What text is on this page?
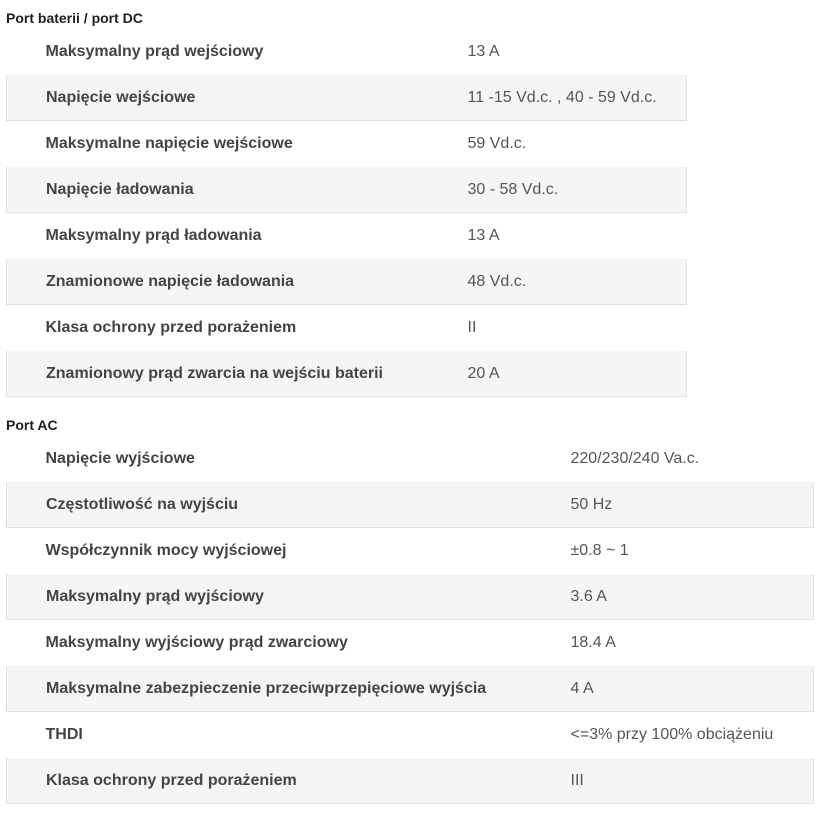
Port baterii / port DC
Maksymalny prąd wejściowy	13 A
Napięcie wejściowe	11 -15 Vd.c. , 40 - 59 Vd.c.
Maksymalne napięcie wejściowe	59 Vd.c.
Napięcie ładowania	30 - 58 Vd.c.
Maksymalny prąd ładowania	13 A
Znamionowe napięcie ładowania	48 Vd.c.
Klasa ochrony przed porażeniem	II
Znamionowy prąd zwarcia na wejściu baterii	20 A
Port AC
Napięcie wyjściowe	220/230/240 Va.c.
Częstotliwość na wyjściu	50 Hz
Współczynnik mocy wyjściowej	±0.8 ~ 1
Maksymalny prąd wyjściowy	3.6 A
Maksymalny wyjściowy prąd zwarciowy	18.4 A
Maksymalne zabezpieczenie przeciwprzepięciowe wyjścia	4 A
THDI	<=3% przy 100% obciążeniu
Klasa ochrony przed porażeniem	III
